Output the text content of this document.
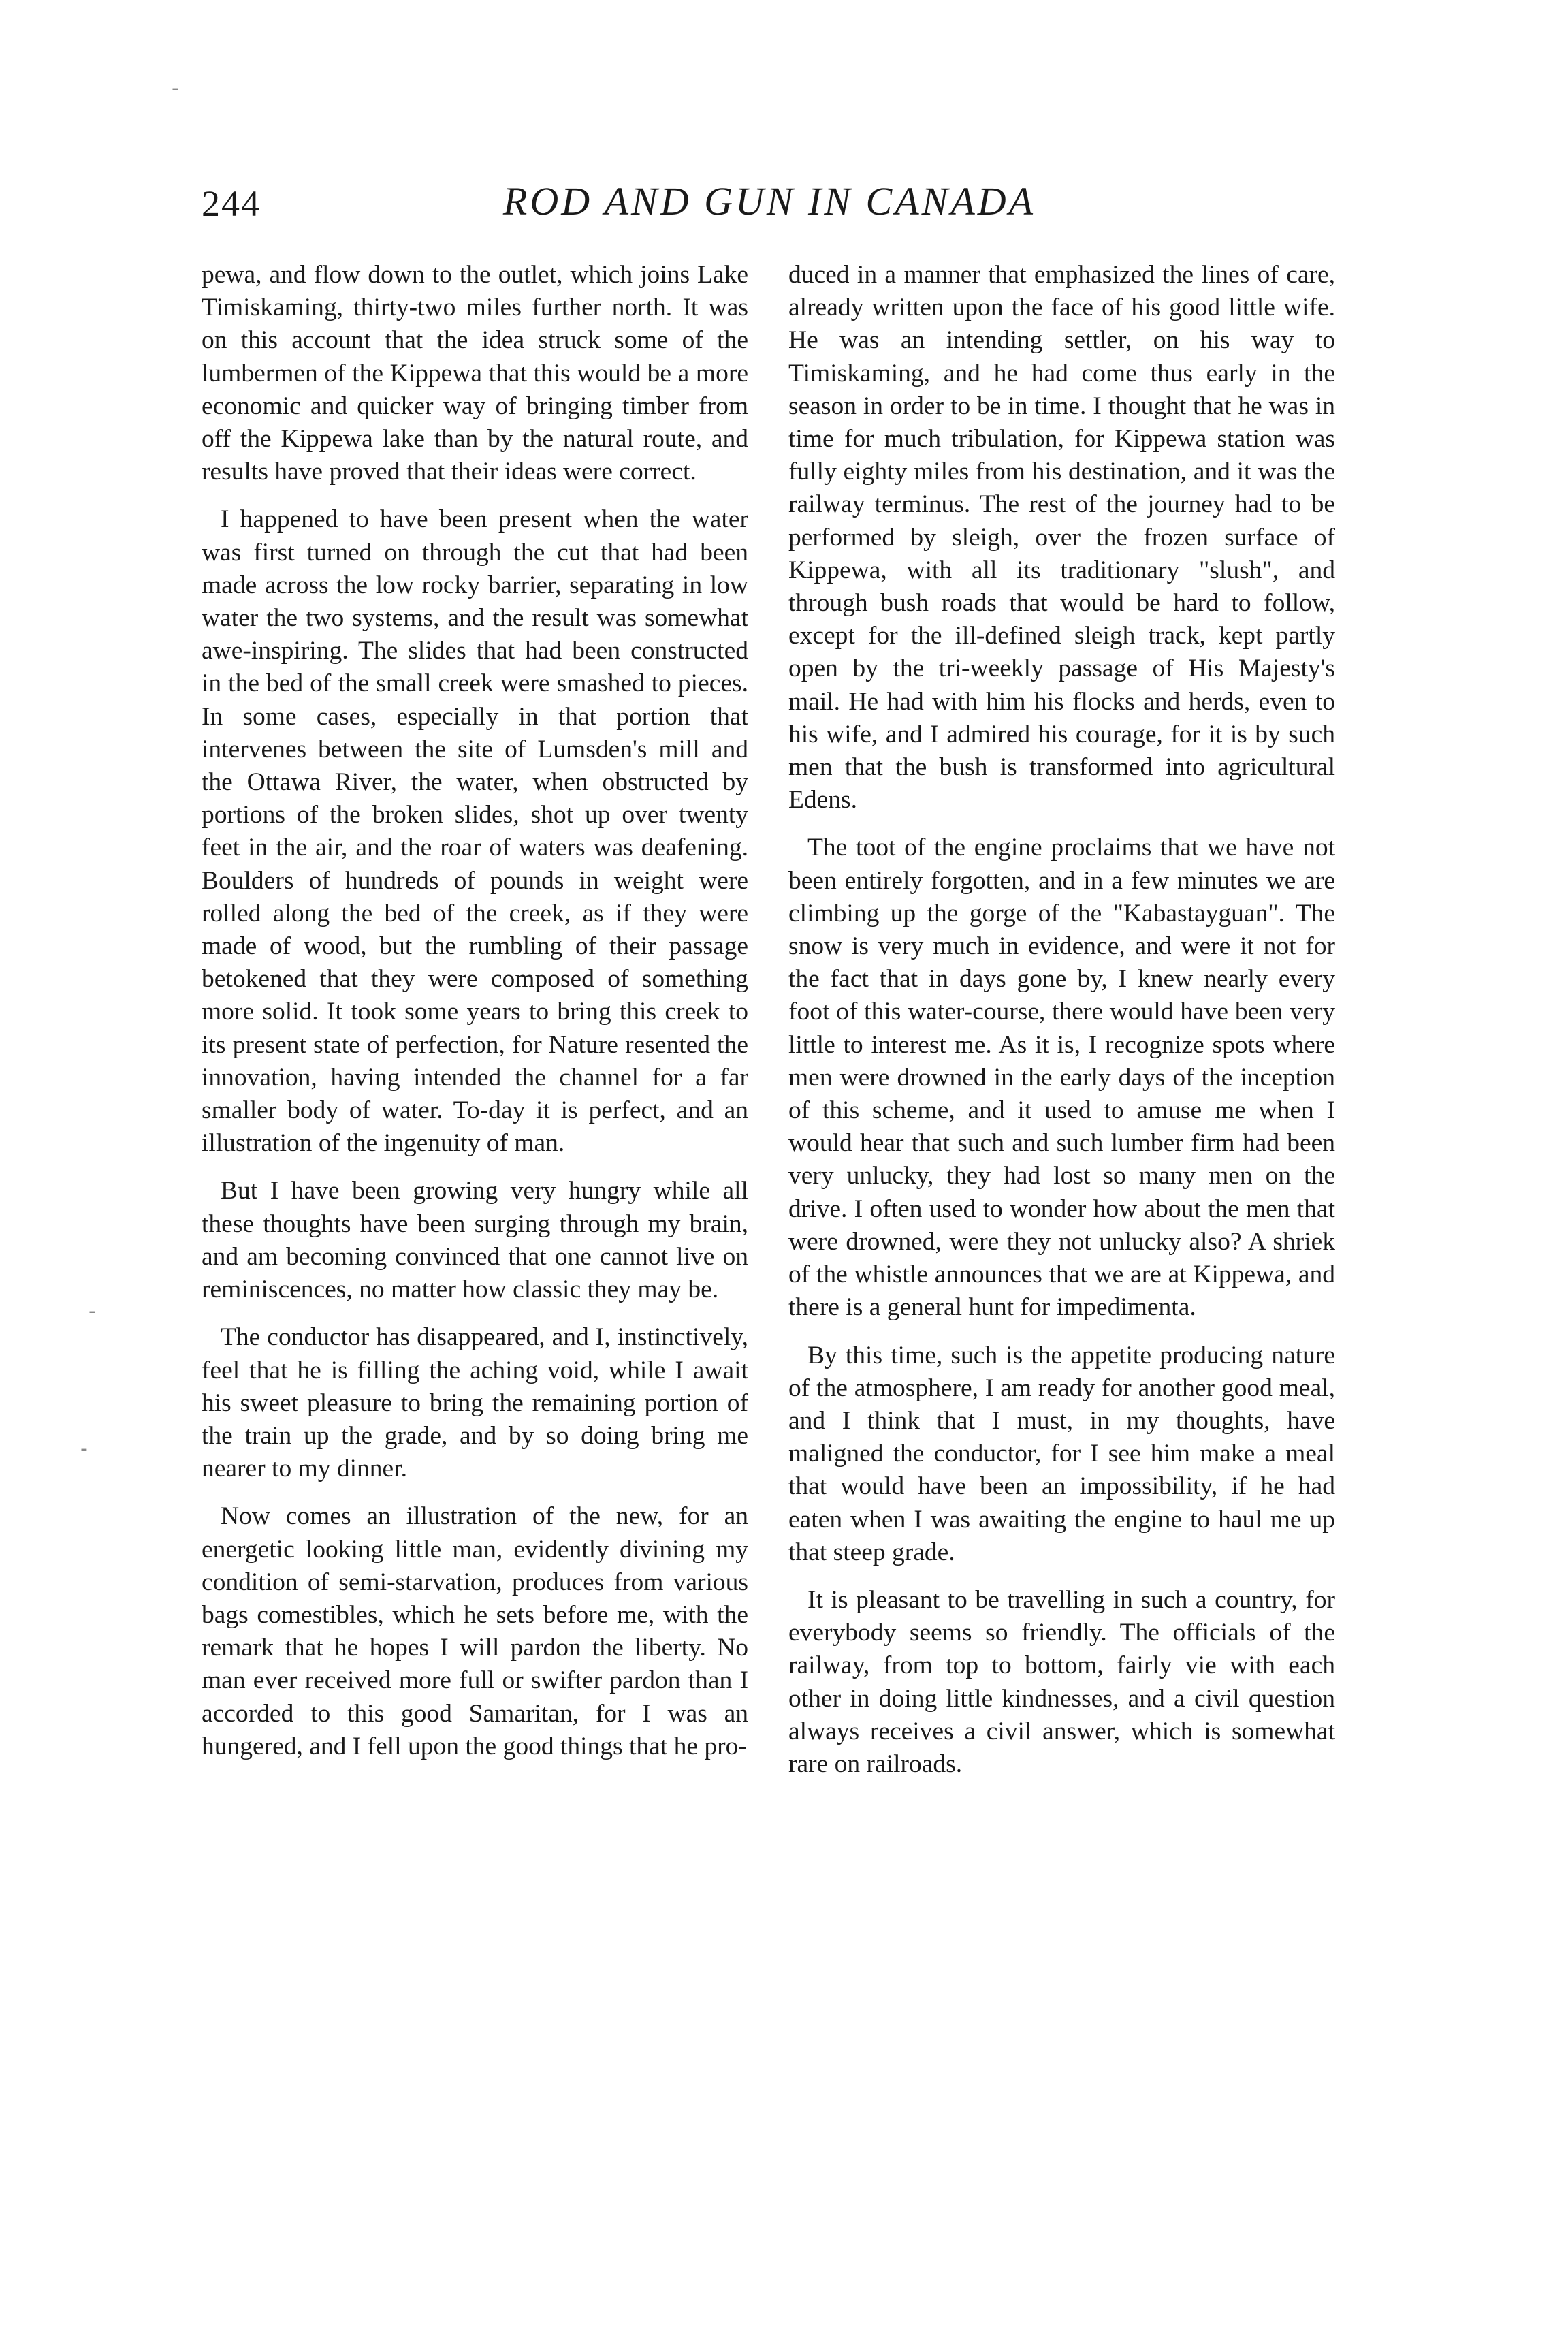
-
-
-
244	ROD AND GUN IN CANADA

pewa, and flow down to the outlet, which joins Lake Timiskaming, thirty-two miles further north. It was on this account that the idea struck some of the lumbermen of the Kippewa that this would be a more economic and quicker way of bringing timber from off the Kippewa lake than by the natural route, and results have proved that their ideas were correct.

I happened to have been present when the water was first turned on through the cut that had been made across the low rocky barrier, separating in low water the two systems, and the result was somewhat awe-inspiring. The slides that had been constructed in the bed of the small creek were smashed to pieces. In some cases, especially in that portion that intervenes between the site of Lumsden's mill and the Ottawa River, the water, when obstructed by portions of the broken slides, shot up over twenty feet in the air, and the roar of waters was deafening. Boulders of hundreds of pounds in weight were rolled along the bed of the creek, as if they were made of wood, but the rumbling of their passage betokened that they were composed of something more solid. It took some years to bring this creek to its present state of perfection, for Nature resented the innovation, having intended the channel for a far smaller body of water. To-day it is perfect, and an illustration of the ingenuity of man.

But I have been growing very hungry while all these thoughts have been surging through my brain, and am becoming convinced that one cannot live on reminiscences, no matter how classic they may be.

The conductor has disappeared, and I, instinctively, feel that he is filling the aching void, while I await his sweet pleasure to bring the remaining portion of the train up the grade, and by so doing bring me nearer to my dinner.

Now comes an illustration of the new, for an energetic looking little man, evidently divining my condition of semi-starvation, produces from various bags comestibles, which he sets before me, with the remark that he hopes I will pardon the liberty. No man ever received more full or swifter pardon than I accorded to this good Samaritan, for I was an hungered, and I fell upon the good things that he pro-

duced in a manner that emphasized the lines of care, already written upon the face of his good little wife. He was an intending settler, on his way to Timiskaming, and he had come thus early in the season in order to be in time. I thought that he was in time for much tribulation, for Kippewa station was fully eighty miles from his destination, and it was the railway terminus. The rest of the journey had to be performed by sleigh, over the frozen surface of Kippewa, with all its traditionary "slush", and through bush roads that would be hard to follow, except for the ill-defined sleigh track, kept partly open by the tri-weekly passage of His Majesty's mail. He had with him his flocks and herds, even to his wife, and I admired his courage, for it is by such men that the bush is transformed into agricultural Edens.

The toot of the engine proclaims that we have not been entirely forgotten, and in a few minutes we are climbing up the gorge of the "Kabastayguan". The snow is very much in evidence, and were it not for the fact that in days gone by, I knew nearly every foot of this water-course, there would have been very little to interest me. As it is, I recognize spots where men were drowned in the early days of the inception of this scheme, and it used to amuse me when I would hear that such and such lumber firm had been very unlucky, they had lost so many men on the drive. I often used to wonder how about the men that were drowned, were they not unlucky also? A shriek of the whistle announces that we are at Kippewa, and there is a general hunt for impedimenta.

By this time, such is the appetite producing nature of the atmosphere, I am ready for another good meal, and I think that I must, in my thoughts, have maligned the conductor, for I see him make a meal that would have been an impossibility, if he had eaten when I was awaiting the engine to haul me up that steep grade.

It is pleasant to be travelling in such a country, for everybody seems so friendly. The officials of the railway, from top to bottom, fairly vie with each other in doing little kindnesses, and a civil question always receives a civil answer, which is somewhat rare on railroads.
